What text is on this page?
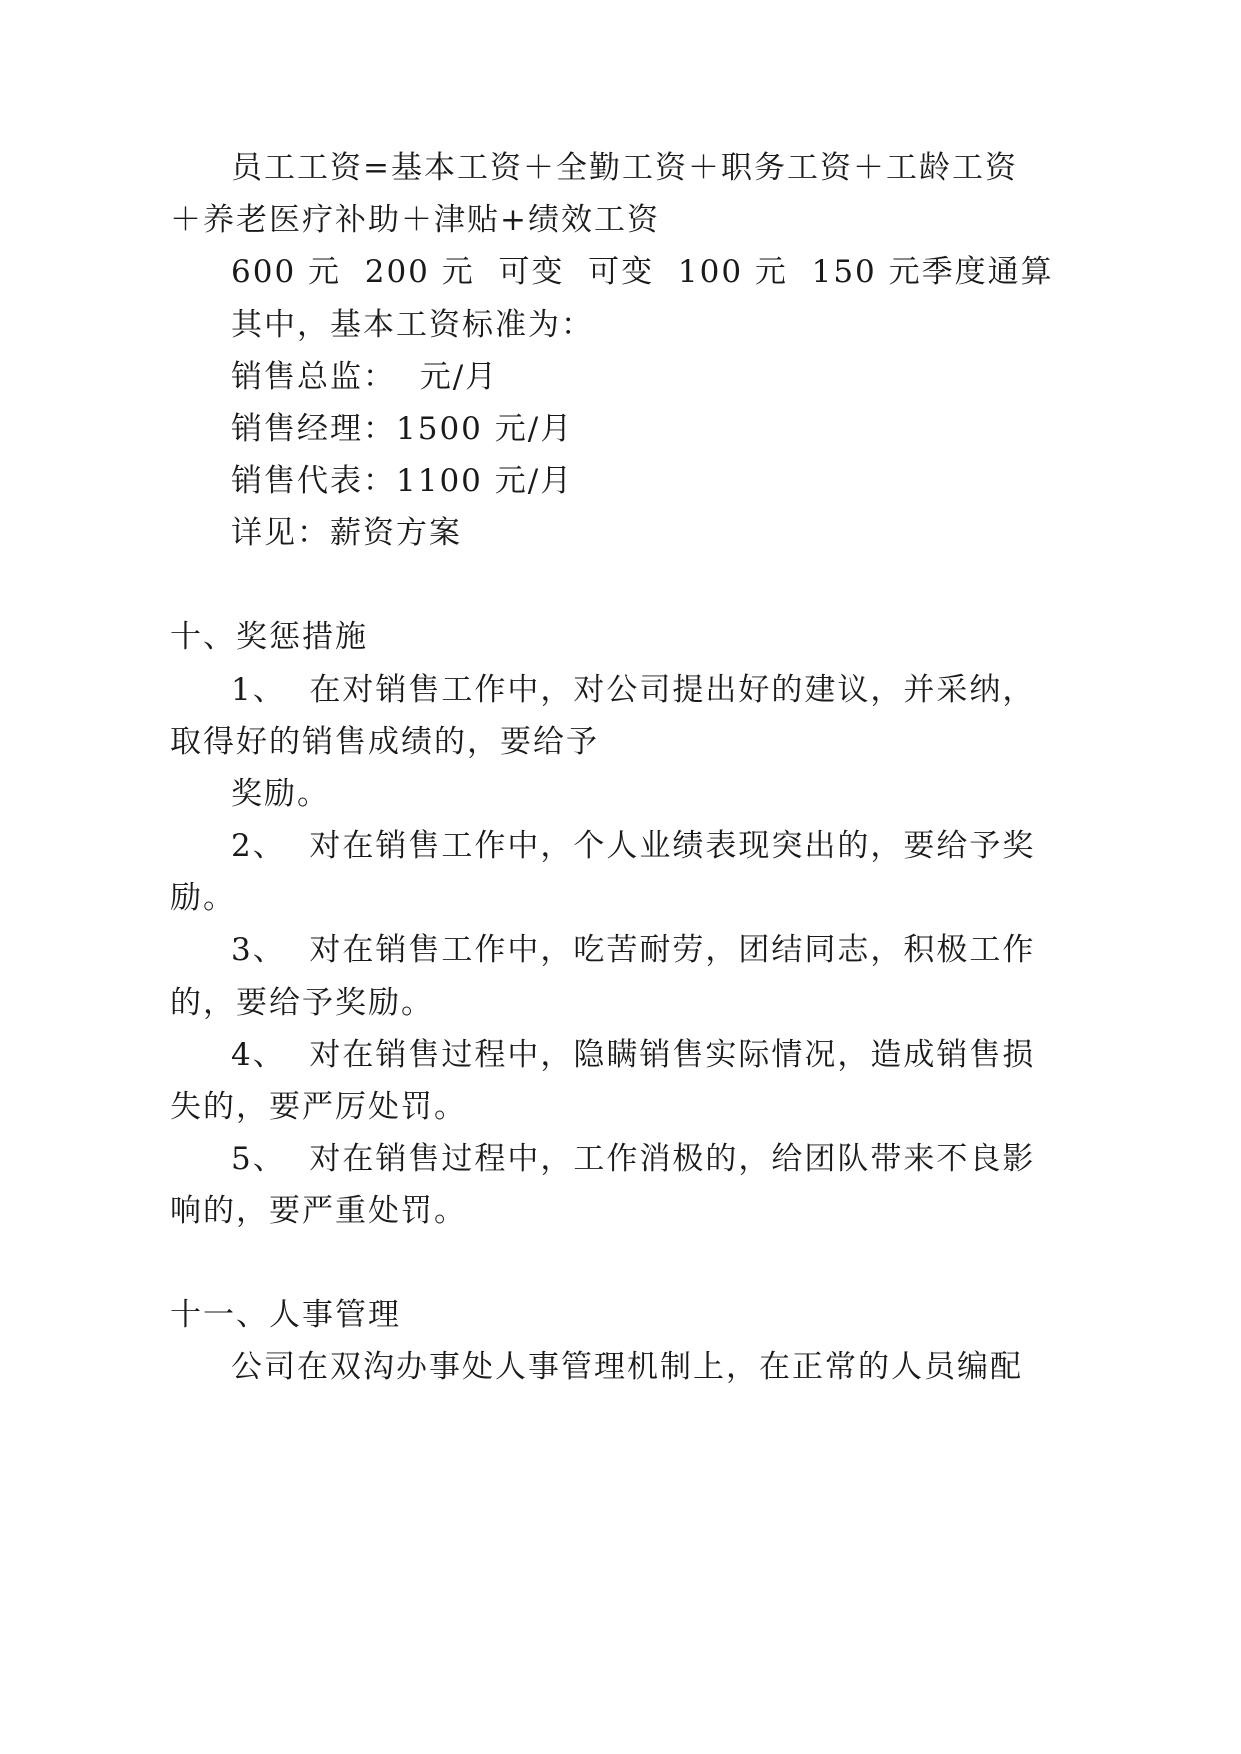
员工工资=基本工资＋全勤工资＋职务工资＋工龄工资
＋养老医疗补助＋津贴+绩效工资
600 元  200 元  可变  可变  100 元  150 元季度通算
其中，基本工资标准为：
销售总监：  元/月
销售经理：1500 元/月
销售代表：1100 元/月
详见：薪资方案
十、奖惩措施
1、  在对销售工作中，对公司提出好的建议，并采纳，
取得好的销售成绩的，要给予
奖励。
2、  对在销售工作中，个人业绩表现突出的，要给予奖
励。
3、  对在销售工作中，吃苦耐劳，团结同志，积极工作
的，要给予奖励。
4、  对在销售过程中，隐瞒销售实际情况，造成销售损
失的，要严厉处罚。
5、  对在销售过程中，工作消极的，给团队带来不良影
响的，要严重处罚。
十一、人事管理
公司在双沟办事处人事管理机制上，在正常的人员编配
